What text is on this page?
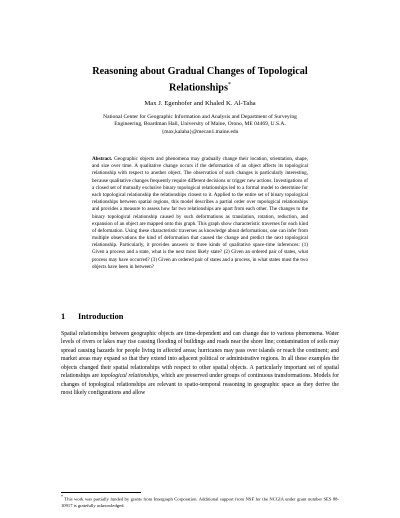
Reasoning about Gradual Changes of Topological Relationships*
Max J. Egenhofer and Khaled K. Al-Taha
National Center for Geographic Information and Analysis and Department of Surveying
Engineering, Boardman Hall, University of Maine, Orono, ME 04469, U.S.A.
{max,kalaha}@mecan1.maine.edu
Abstract. Geographic objects and phenomena may gradually change their location, orientation, shape, and size over time. A qualitative change occurs if the deformation of an object affects its topological relationship with respect to another object. The observation of such changes is particularly interesting, because qualitative changes frequently require different decisions or trigger new actions. Investigations of a closed set of mutually exclusive binary topological relationships led to a formal model to determine for each topological relationship the relationships closest to it. Applied to the entire set of binary topological relationships between spatial regions, this model describes a partial order over topological relationships and provides a measure to assess how far two relationships are apart from each other. The changes to the binary topological relationship caused by such deformations as translation, rotation, reduction, and expansion of an object are mapped onto this graph. This graph show characteristic traverses for each kind of deformation. Using these characteristic traverses as knowledge about deformations, one can infer from multiple observations the kind of deformation that caused the change and predict the next topological relationship. Particularly, it provides answers to three kinds of qualitative space-time inferences: (1) Given a process and a state, what is the next most likely state? (2) Given an ordered pair of states, what process may have occurred? (3) Given an ordered pair of states and a process, in what states must the two objects have been in between?
1 Introduction
Spatial relationships between geographic objects are time-dependent and can change due to various phenomena. Water levels of rivers or lakes may rise causing flooding of buildings and roads near the shore line; contamination of soils may spread causing hazards for people living in affected areas; hurricanes may pass over islands or reach the continent; and market areas may expand so that they extend into adjacent political or administrative regions. In all these examples the objects changed their spatial relationships with respect to other spatial objects. A particularly important set of spatial relationships are topological relationships, which are preserved under groups of continuous transformations. Models for changes of topological relationships are relevant to spatio-temporal reasoning in geographic space as they derive the most likely configurations and allow
* This work was partially funded by grants from Intergraph Corporation. Additional support from NSF for the NCGIA under grant number SES 88-10917 is gratefully acknowledged.
